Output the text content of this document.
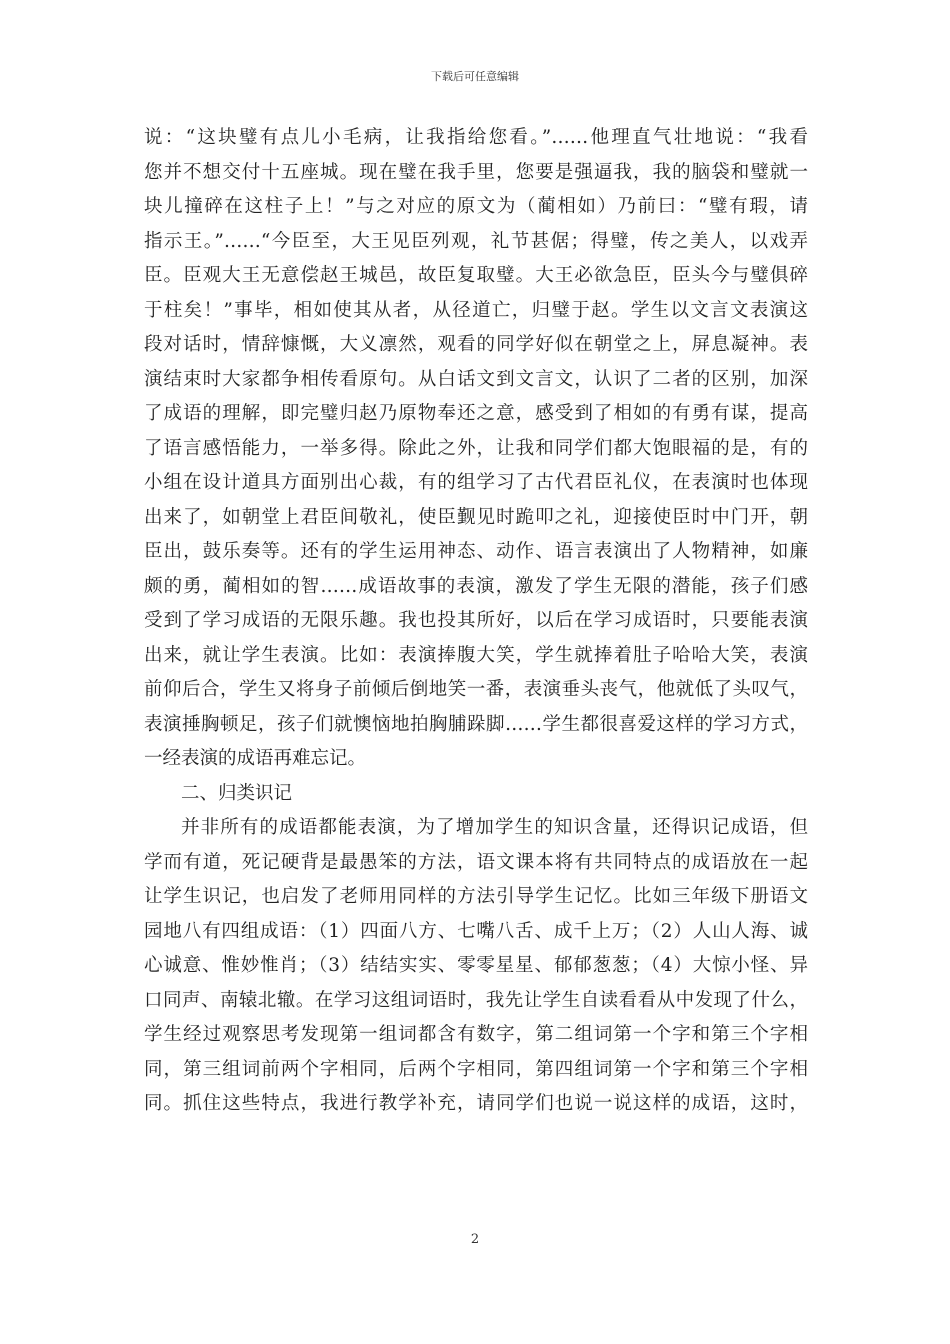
下载后可任意编辑
说：“这块璧有点儿小毛病，让我指给您看。”……他理直气壮地说：“我看
您并不想交付十五座城。现在璧在我手里，您要是强逼我，我的脑袋和璧就一
块儿撞碎在这柱子上！”与之对应的原文为（蔺相如）乃前曰：“璧有瑕，请
指示王。”……“今臣至，大王见臣列观，礼节甚倨；得璧，传之美人，以戏弄
臣。臣观大王无意偿赵王城邑，故臣复取璧。大王必欲急臣，臣头今与璧俱碎
于柱矣！”事毕，相如使其从者，从径道亡，归璧于赵。学生以文言文表演这
段对话时，情辞慷慨，大义凛然，观看的同学好似在朝堂之上，屏息凝神。表
演结束时大家都争相传看原句。从白话文到文言文，认识了二者的区别，加深
了成语的理解，即完璧归赵乃原物奉还之意，感受到了相如的有勇有谋，提高
了语言感悟能力，一举多得。除此之外，让我和同学们都大饱眼福的是，有的
小组在设计道具方面别出心裁，有的组学习了古代君臣礼仪，在表演时也体现
出来了，如朝堂上君臣间敬礼，使臣觐见时跪叩之礼，迎接使臣时中门开，朝
臣出，鼓乐奏等。还有的学生运用神态、动作、语言表演出了人物精神，如廉
颇的勇，蔺相如的智……成语故事的表演，激发了学生无限的潜能，孩子们感
受到了学习成语的无限乐趣。我也投其所好，以后在学习成语时，只要能表演
出来，就让学生表演。比如：表演捧腹大笑，学生就捧着肚子哈哈大笑，表演
前仰后合，学生又将身子前倾后倒地笑一番，表演垂头丧气，他就低了头叹气，
表演捶胸顿足，孩子们就懊恼地拍胸脯跺脚……学生都很喜爱这样的学习方式，
一经表演的成语再难忘记。
二、归类识记
并非所有的成语都能表演，为了增加学生的知识含量，还得识记成语，但
学而有道，死记硬背是最愚笨的方法，语文课本将有共同特点的成语放在一起
让学生识记，也启发了老师用同样的方法引导学生记忆。比如三年级下册语文
园地八有四组成语：（1）四面八方、七嘴八舌、成千上万；（2）人山人海、诚
心诚意、惟妙惟肖；（3）结结实实、零零星星、郁郁葱葱；（4）大惊小怪、异
口同声、南辕北辙。在学习这组词语时，我先让学生自读看看从中发现了什么，
学生经过观察思考发现第一组词都含有数字，第二组词第一个字和第三个字相
同，第三组词前两个字相同，后两个字相同，第四组词第一个字和第三个字相
同。抓住这些特点，我进行教学补充，请同学们也说一说这样的成语，这时，
2
